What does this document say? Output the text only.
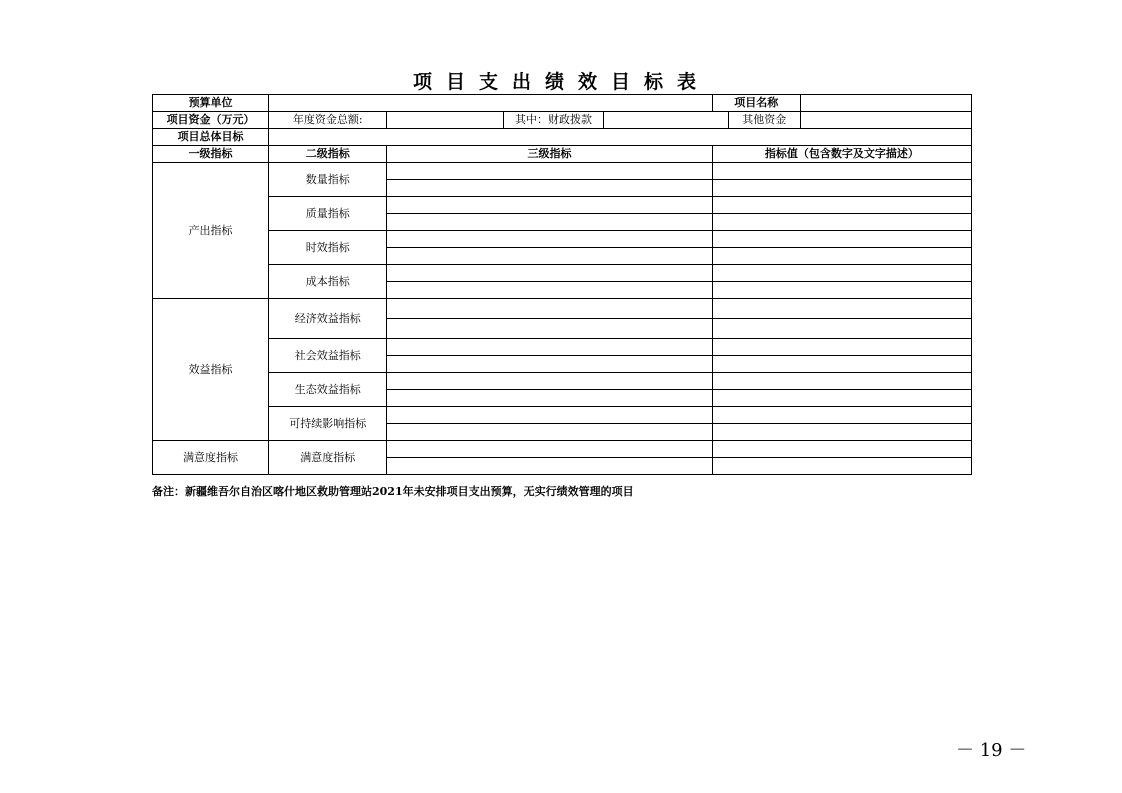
项目支出绩效目标表
预算单位					项目名称		
项目资金（万元）	年度资金总额:		其中：财政拨款			其他资金	
项目总体目标							
一级指标	二级指标	三级指标			指标值（包含数字及文字描述）		
产出指标	数量指标						

	质量指标						

	时效指标						

	成本指标						

效益指标	经济效益指标						

	社会效益指标						

	生态效益指标						

	可持续影响指标						

满意度指标	满意度指标						

备注：新疆维吾尔自治区喀什地区救助管理站2021年未安排项目支出预算，无实行绩效管理的项目
－ 19 －
